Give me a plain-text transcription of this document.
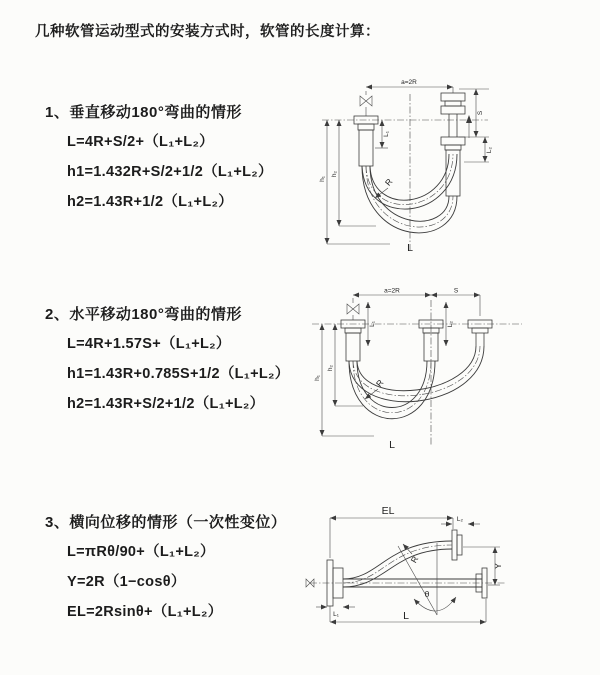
几种软管运动型式的安装方式时，软管的长度计算：
1、垂直移动180°弯曲的情形
L=4R+S/2+（L₁+L₂）
h1=1.432R+S/2+1/2（L₁+L₂）
h2=1.43R+1/2（L₁+L₂）
2、水平移动180°弯曲的情形
L=4R+1.57S+（L₁+L₂）
h1=1.43R+0.785S+1/2（L₁+L₂）
h2=1.43R+S/2+1/2（L₁+L₂）
3、横向位移的情形（一次性变位）
L=πRθ/90+（L₁+L₂）
Y=2R（1−cosθ）
EL=2Rsinθ+（L₁+L₂）
a=2R
h₁
h₂
L₁
S
L₂
R
L
a=2R	S
L₁	L₂
h₁
h₂
R
L
EL
L₂
θ
R
Y
L₁	L
